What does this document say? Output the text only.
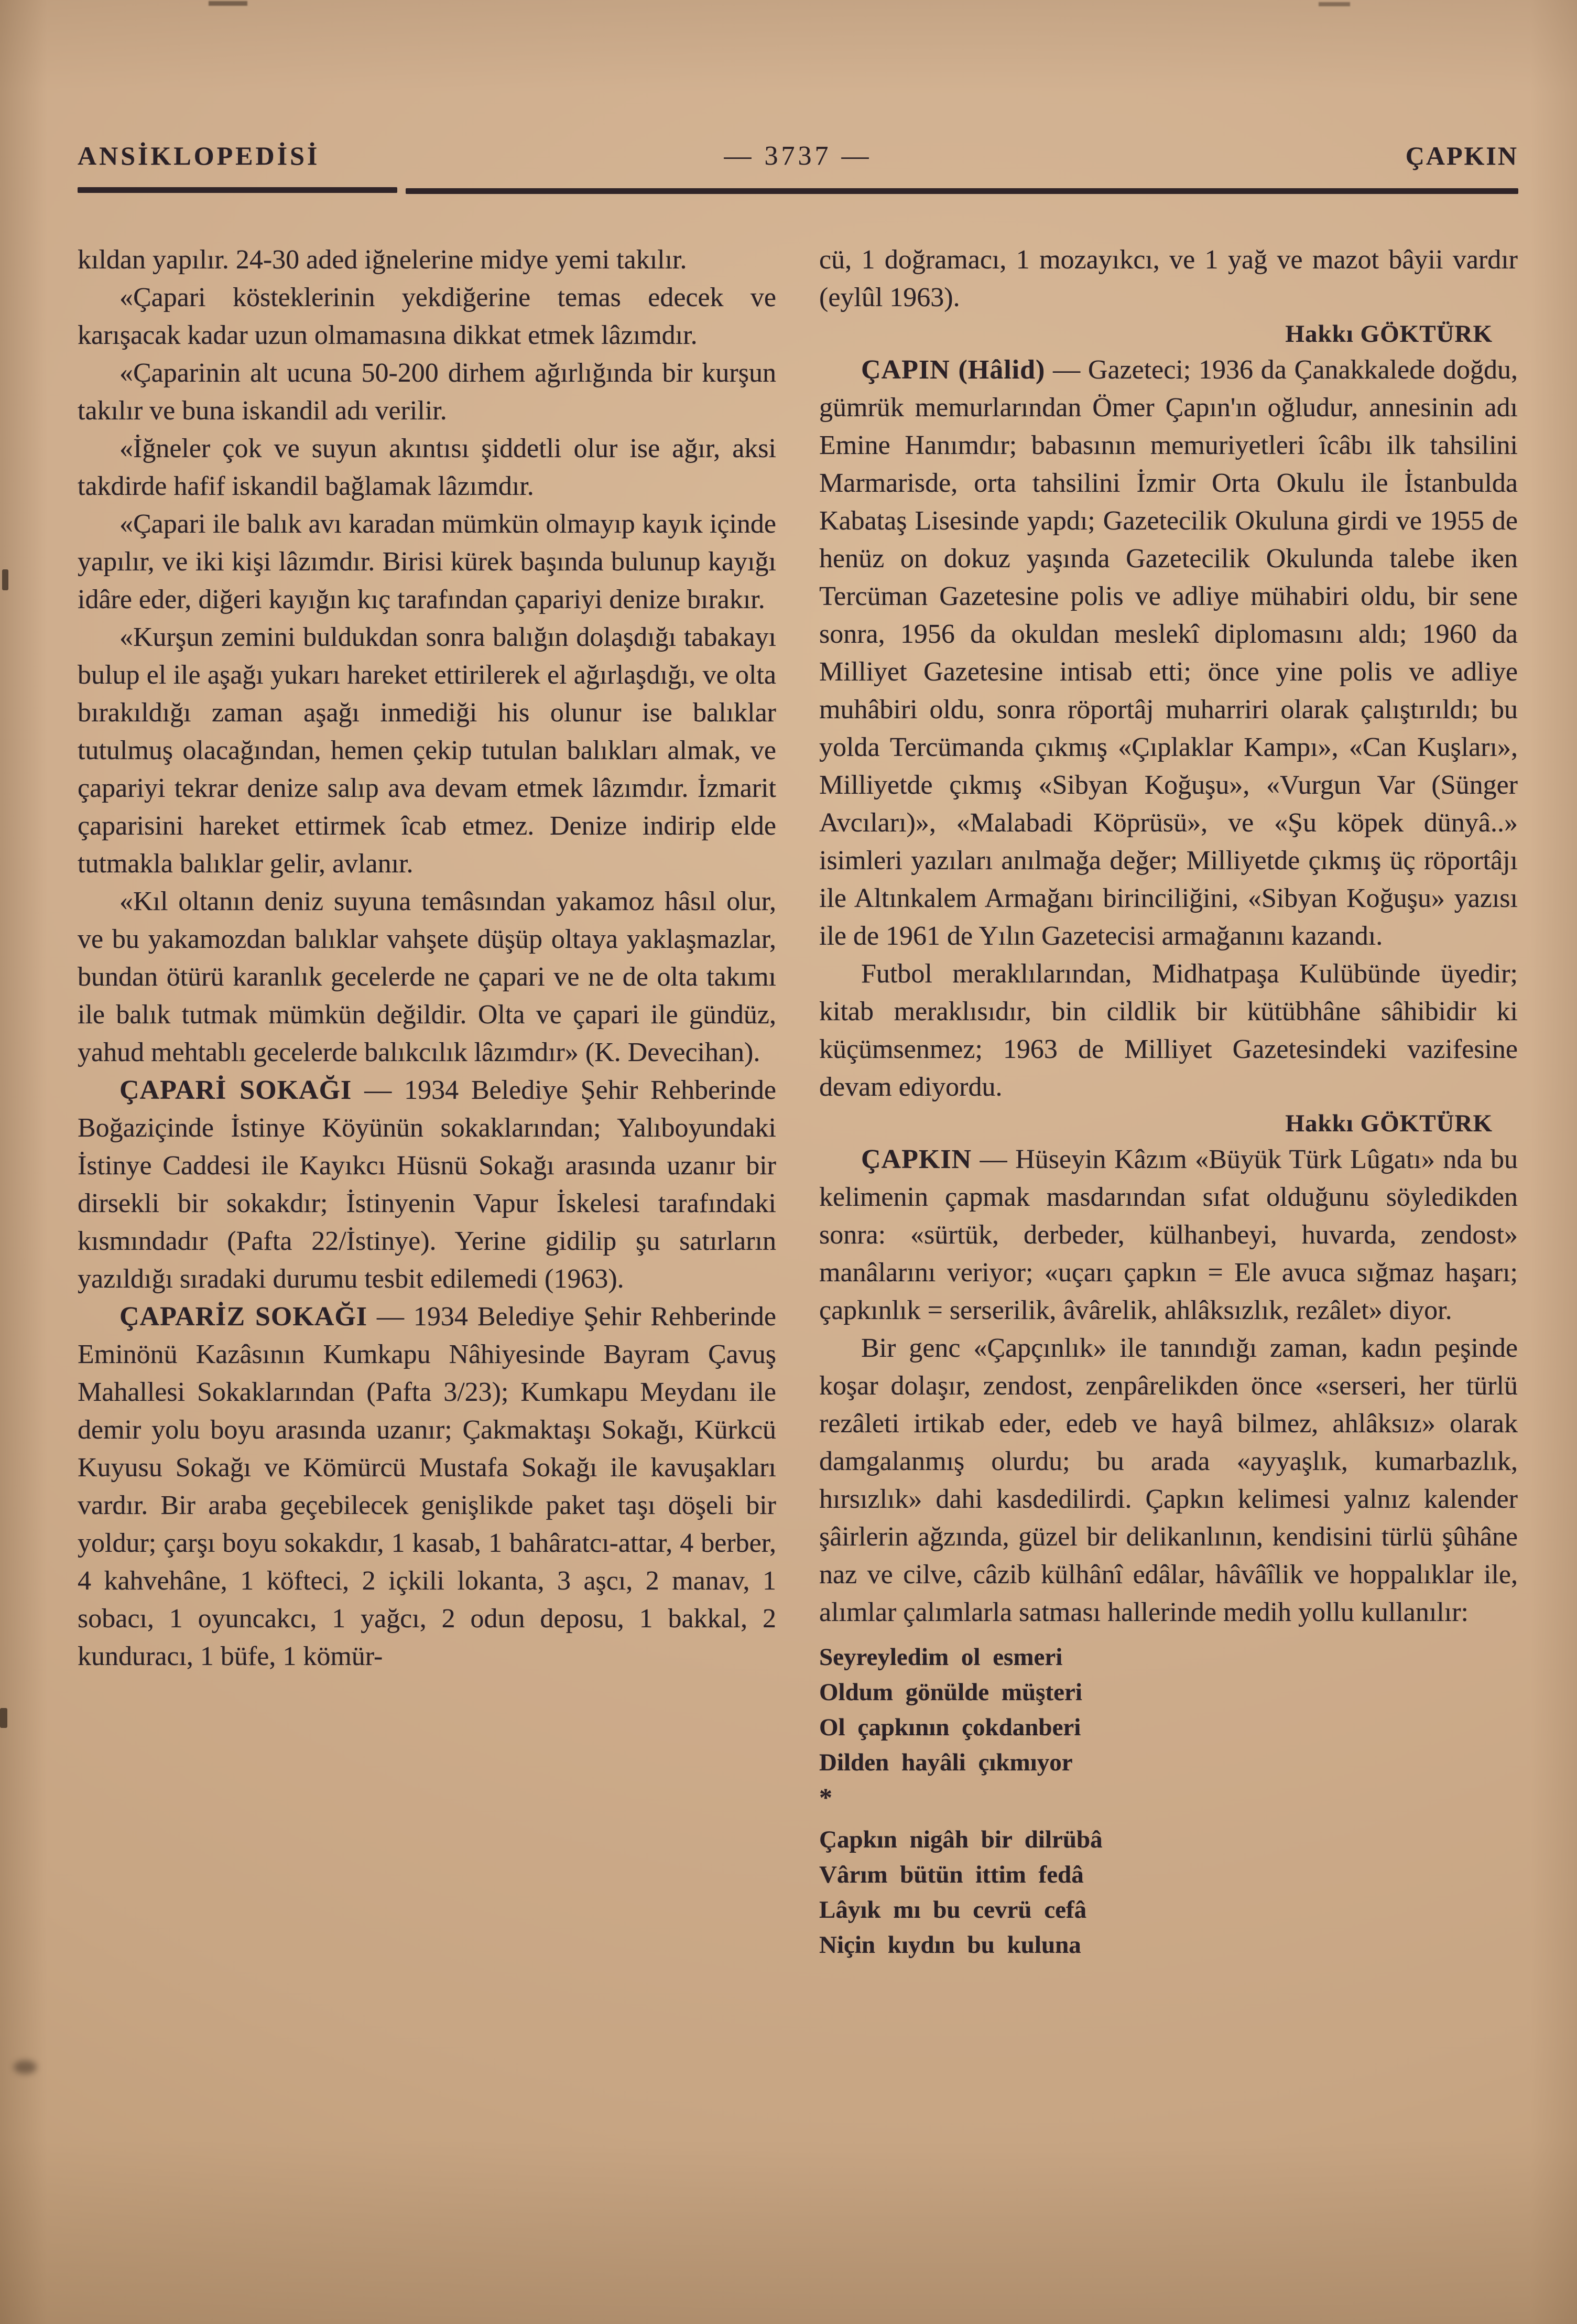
ANSİKLOPEDİSİ	— 3737 —	ÇAPKIN

kıldan yapılır. 24-30 aded iğnelerine midye yemi takılır.

«Çapari kösteklerinin yekdiğerine temas edecek ve karışacak kadar uzun olmamasına dikkat etmek lâzımdır.

«Çaparinin alt ucuna 50-200 dirhem ağırlığında bir kurşun takılır ve buna iskandil adı verilir.

«İğneler çok ve suyun akıntısı şiddetli olur ise ağır, aksi takdirde hafif iskandil bağlamak lâzımdır.

«Çapari ile balık avı karadan mümkün olmayıp kayık içinde yapılır, ve iki kişi lâzımdır. Birisi kürek başında bulunup kayığı idâre eder, diğeri kayığın kıç tarafından çapariyi denize bırakır.

«Kurşun zemini buldukdan sonra balığın dolaşdığı tabakayı bulup el ile aşağı yukarı hareket ettirilerek el ağırlaşdığı, ve olta bırakıldığı zaman aşağı inmediği his olunur ise balıklar tutulmuş olacağından, hemen çekip tutulan balıkları almak, ve çapariyi tekrar denize salıp ava devam etmek lâzımdır. İzmarit çaparisini hareket ettirmek îcab etmez. Denize indirip elde tutmakla balıklar gelir, avlanır.

«Kıl oltanın deniz suyuna temâsından yakamoz hâsıl olur, ve bu yakamozdan balıklar vahşete düşüp oltaya yaklaşmazlar, bundan ötürü karanlık gecelerde ne çapari ve ne de olta takımı ile balık tutmak mümkün değildir. Olta ve çapari ile gündüz, yahud mehtablı gecelerde balıkcılık lâzımdır» (K. Devecihan).

ÇAPARİ SOKAĞI — 1934 Belediye Şehir Rehberinde Boğaziçinde İstinye Köyünün sokaklarından; Yalıboyundaki İstinye Caddesi ile Kayıkcı Hüsnü Sokağı arasında uzanır bir dirsekli bir sokakdır; İstinyenin Vapur İskelesi tarafındaki kısmındadır (Pafta 22/İstinye). Yerine gidilip şu satırların yazıldığı sıradaki durumu tesbit edilemedi (1963).

ÇAPARİZ SOKAĞI — 1934 Belediye Şehir Rehberinde Eminönü Kazâsının Kumkapu Nâhiyesinde Bayram Çavuş Mahallesi Sokaklarından (Pafta 3/23); Kumkapu Meydanı ile demir yolu boyu arasında uzanır; Çakmaktaşı Sokağı, Kürkcü Kuyusu Sokağı ve Kömürcü Mustafa Sokağı ile kavuşakları vardır. Bir araba geçebilecek genişlikde paket taşı döşeli bir yoldur; çarşı boyu sokakdır, 1 kasab, 1 bahâratcı-attar, 4 berber, 4 kahvehâne, 1 köfteci, 2 içkili lokanta, 3 aşcı, 2 manav, 1 sobacı, 1 oyuncakcı, 1 yağcı, 2 odun deposu, 1 bakkal, 2 kunduracı, 1 büfe, 1 kömür-

cü, 1 doğramacı, 1 mozayıkcı, ve 1 yağ ve mazot bâyii vardır (eylûl 1963).

Hakkı GÖKTÜRK

ÇAPIN (Hâlid) — Gazeteci; 1936 da Çanakkalede doğdu, gümrük memurlarından Ömer Çapın'ın oğludur, annesinin adı Emine Hanımdır; babasının memuriyetleri îcâbı ilk tahsilini Marmarisde, orta tahsilini İzmir Orta Okulu ile İstanbulda Kabataş Lisesinde yapdı; Gazetecilik Okuluna girdi ve 1955 de henüz on dokuz yaşında Gazetecilik Okulunda talebe iken Tercüman Gazetesine polis ve adliye mühabiri oldu, bir sene sonra, 1956 da okuldan meslekî diplomasını aldı; 1960 da Milliyet Gazetesine intisab etti; önce yine polis ve adliye muhâbiri oldu, sonra röportâj muharriri olarak çalıştırıldı; bu yolda Tercümanda çıkmış «Çıplaklar Kampı», «Can Kuşları», Milliyetde çıkmış «Sibyan Koğuşu», «Vurgun Var (Sünger Avcıları)», «Malabadi Köprüsü», ve «Şu köpek dünyâ..» isimleri yazıları anılmağa değer; Milliyetde çıkmış üç röportâjı ile Altınkalem Armağanı birinciliğini, «Sibyan Koğuşu» yazısı ile de 1961 de Yılın Gazetecisi armağanını kazandı.

Futbol meraklılarından, Midhatpaşa Kulübünde üyedir; kitab meraklısıdır, bin cildlik bir kütübhâne sâhibidir ki küçümsenmez; 1963 de Milliyet Gazetesindeki vazifesine devam ediyordu.

Hakkı GÖKTÜRK

ÇAPKIN — Hüseyin Kâzım «Büyük Türk Lûgatı» nda bu kelimenin çapmak masdarından sıfat olduğunu söyledikden sonra: «sürtük, derbeder, külhanbeyi, huvarda, zendost» manâlarını veriyor; «uçarı çapkın = Ele avuca sığmaz haşarı; çapkınlık = serserilik, âvârelik, ahlâksızlık, rezâlet» diyor.

Bir genc «Çapçınlık» ile tanındığı zaman, kadın peşinde koşar dolaşır, zendost, zenpârelikden önce «serseri, her türlü rezâleti irtikab eder, edeb ve hayâ bilmez, ahlâksız» olarak damgalanmış olurdu; bu arada «ayyaşlık, kumarbazlık, hırsızlık» dahi kasdedilirdi. Çapkın kelimesi yalnız kalender şâirlerin ağzında, güzel bir delikanlının, kendisini türlü şûhâne naz ve cilve, câzib külhânî edâlar, hâvâîlik ve hoppalıklar ile, alımlar çalımlarla satması hallerinde medih yollu kullanılır:

Seyreyledim ol esmeri

Oldum gönülde müşteri

Ol çapkının çokdanberi

Dilden hayâli çıkmıyor

*

Çapkın nigâh bir dilrübâ

Vârım bütün ittim fedâ

Lâyık mı bu cevrü cefâ

Niçin kıydın bu kuluna
